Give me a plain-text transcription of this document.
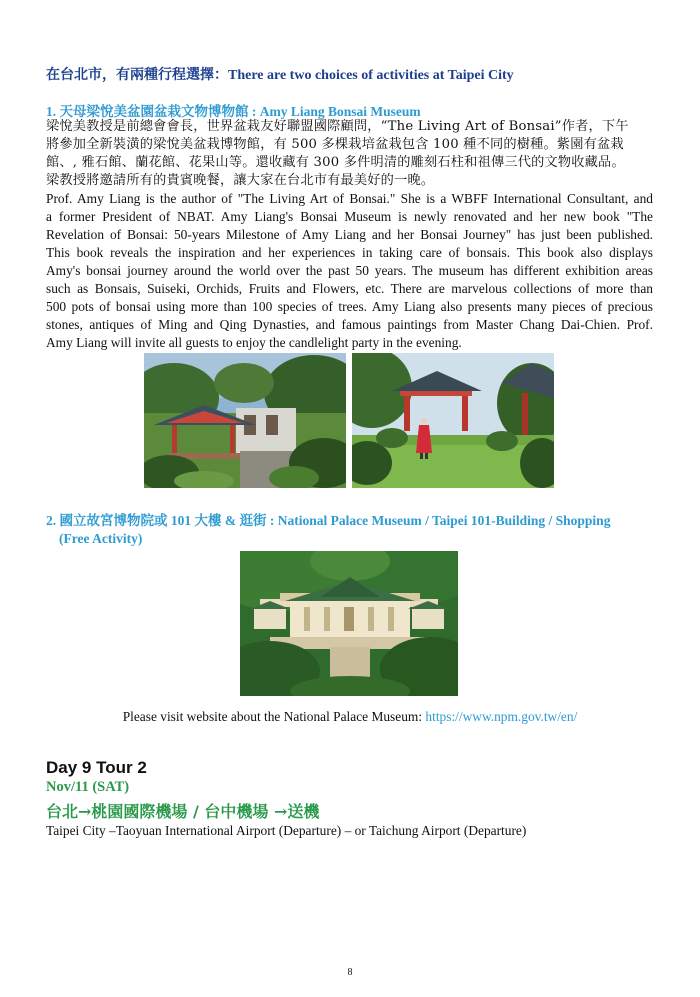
在台北市，有兩種行程選擇：There are two choices of activities at Taipei City
1. 天母梁悅美盆園盆栽文物博物館 : Amy Liang Bonsai Museum
梁悅美教授是前總會會長，世界盆栽友好聯盟國際顧問，“The Living Art of Bonsai”作者，下午
將參加全新裝潢的梁悅美盆栽博物館，有 500 多棵栽培盆栽包含 100 種不同的樹種。紫園有盆栽
館、, 雅石館、蘭花館、花果山等。還收藏有 300 多件明清的雕刻石柱和祖傳三代的文物收藏品。
梁教授將邀請所有的貴賓晚餐，讓大家在台北市有最美好的一晚。
Prof. Amy Liang is the author of "The Living Art of Bonsai." She is a WBFF International Consultant, and
a former President of NBAT. Amy Liang's Bonsai Museum is newly renovated and her new book "The
Revelation of Bonsai: 50-years Milestone of Amy Liang and her Bonsai Journey" has just been published.
This book reveals the inspiration and her experiences in taking care of bonsais. This book also displays
Amy's bonsai journey around the world over the past 50 years. The museum has different exhibition areas
such as Bonsais, Suiseki, Orchids, Fruits and Flowers, etc. There are marvelous collections of more than
500 pots of bonsai using more than 100 species of trees. Amy Liang also presents many pieces of precious
stones, antiques of Ming and Qing Dynasties, and famous paintings from Master Chang Dai-Chien. Prof.
Amy Liang will invite all guests to enjoy the candlelight party in the evening.
2. 國立故宮博物院或 101 大樓 & 逛街 : National Palace Museum / Taipei 101-Building / Shopping
(Free Activity)
Please visit website about the National Palace Museum: https://www.npm.gov.tw/en/
Day 9 Tour 2
Nov/11 (SAT)
台北→桃園國際機場 / 台中機場 →送機
Taipei City –Taoyuan International Airport (Departure) – or Taichung Airport (Departure)
8
